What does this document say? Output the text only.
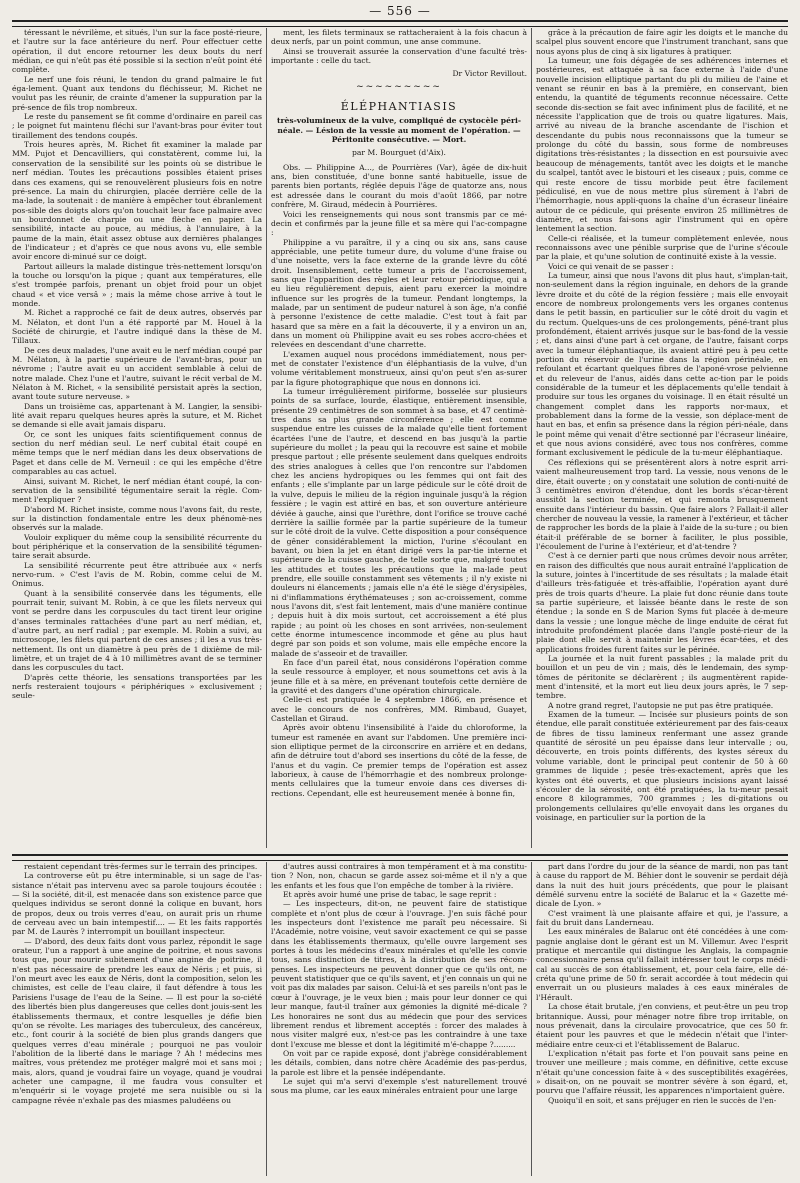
— 556 —

téressant le névrilème, et situés, l'un sur la face posté-rieure, et l'autre sur la face antérieure du nerf. Pour effectuer cette opération, il dut encore retourner les deux bouts du nerf médian, ce qui n'eût pas été possible si la section n'eût point été complète.

Le nerf une fois réuni, le tendon du grand palmaire le fut éga-lement. Quant aux tendons du fléchisseur, M. Richet ne voulut pas les réunir, de crainte d'amener la suppuration par la pré-sence de fils trop nombreux.

Le reste du pansement se fit comme d'ordinaire en pareil cas ; le poignet fut maintenu fléchi sur l'avant-bras pour éviter tout tiraillement des tendons coupés.

Trois heures après, M. Richet fit examiner la malade par MM. Pujot et Dencavilliers, qui constatèrent, comme lui, la conservation de la sensibilité sur les points où se distribue le nerf médian. Toutes les précautions possibles étaient prises dans ces examens, qui se renouvelèrent plusieurs fois en notre pré-sence. La main du chirurgien, placée derrière celle de la ma-lade, la soutenait : de manière à empêcher tout ébranlement pos-sible des doigts alors qu'on touchait leur face palmaire avec un bourdonnet de charpie ou une flèche en papier. La sensibilité, intacte au pouce, au médius, à l'annulaire, à la paume de la main, était assez obtuse aux dernières phalanges de l'indicateur ; et d'après ce que nous avons vu, elle semble avoir encore di-minué sur ce doigt.

Partout ailleurs la malade distingue très-nettement lorsqu'on la touche ou lorsqu'on la pique ; quant aux températures, elle s'est trompée parfois, prenant un objet froid pour un objet chaud « et vice versâ » ; mais la même chose arrive à tout le monde.

M. Richet a rapproché ce fait de deux autres, observés par M. Nélaton, et dont l'un a été rapporté par M. Houel à la Société de chirurgie, et l'autre indiqué dans la thèse de M. Tillaux.

De ces deux malades, l'une avait eu le nerf médian coupé par M. Nélaton, à la partie supérieure de l'avant-bras, pour un névrome ; l'autre avait eu un accident semblable à celui de notre malade. Chez l'une et l'autre, suivant le récit verbal de M. Nélaton à M. Richet, « la sensibilité persistait après la section, avant toute suture nerveuse. »

Dans un troisième cas, appartenant à M. Langier, la sensibi-lité avait reparu quelques heures après la suture, et M. Richet se demande si elle avait jamais disparu.

Or, ce sont les uniques faits scientifiquement connus de section du nerf médian seul. Le nerf cubital était coupé en même temps que le nerf médian dans les deux observations de Paget et dans celle de M. Verneuil : ce qui les empêche d'être comparables au cas actuel.

Ainsi, suivant M. Richet, le nerf médian étant coupé, la con-servation de la sensibilité tégumentaire serait la règle. Com-ment l'expliquer ?

D'abord M. Richet insiste, comme nous l'avons fait, du reste, sur la distinction fondamentale entre les deux phénomè-nes observés sur la malade.

Vouloir expliquer du même coup la sensibilité récurrente du bout périphérique et la conservation de la sensibilité tégumen-taire serait absurde.

La sensibilité récurrente peut être attribuée aux « nerfs nervo-rum. » C'est l'avis de M. Robin, comme celui de M. Onimus.

Quant à la sensibilité conservée dans les téguments, elle pourrait tenir, suivant M. Robin, à ce que les filets nerveux qui vont se perdre dans les corpuscules du tact tirent leur origine d'anses terminales rattachées d'une part au nerf médian, et, d'autre part, au nerf radial ; par exemple. M. Robin a suivi, au microscope, les filets qui partent de ces anses ; il les a vus très-nettement. Ils ont un diamètre à peu près de 1 dixième de mil-limètre, et un trajet de 4 à 10 millimètres avant de se terminer dans les corpuscules du tact.

D'après cette théorie, les sensations transportées par les nerfs resteraient toujours « périphériques » exclusivement ; seule-

ment, les filets terminaux se rattacheraient à la fois chacun à deux nerfs, par un point commun, une anse commune.

Ainsi se trouverait assurée la conservation d'une faculté très-importante : celle du tact.

Dr Victor Revillout.
~~~~~~~~~
ÉLÉPHANTIASIS
très-volumineux de la vulve, compliqué de cystocèle péri-néale. — Lésion de la vessie au moment de l'opération. — Péritonite consécutive. — Mort.
par M. Bourguet (d'Aix).

Obs. — Philippine A..., de Pourrières (Var), âgée de dix-huit ans, bien constituée, d'une bonne santé habituelle, issue de parents bien portants, réglée depuis l'âge de quatorze ans, nous est adressée dans le courant du mois d'août 1866, par notre confrère, M. Giraud, médecin à Pourrières.

Voici les renseignements qui nous sont transmis par ce mé-decin et confirmés par la jeune fille et sa mère qui l'ac-compagne :

Philippine a vu paraître, il y a cinq ou six ans, sans cause appréciable, une petite tumeur dure, du volume d'une fraise ou d'une noisette, vers la face externe de la grande lèvre du côté droit. Insensiblement, cette tumeur a pris de l'accroissement, sans que l'apparition des règles et leur retour périodique, qui a eu lieu régulièrement depuis, aient paru exercer la moindre influence sur les progrès de la tumeur. Pendant longtemps, la malade, par un sentiment de pudeur naturel à son âge, n'a confié à personne l'existence de cette maladie. C'est tout à fait par hasard que sa mère en a fait la découverte, il y a environ un an, dans un moment où Philippine avait eu ses robes accro-chées et relevées en descendant d'une charrette.

L'examen auquel nous procédons immédiatement, nous per-met de constater l'existence d'un éléphantiasis de la vulve, d'un volume véritablement monstrueux, ainsi qu'on peut s'en as-surer par la figure photographique que nous en donnons ici.

La tumeur irrégulièrement piriforme, bosselée sur plusieurs points de sa surface, lourde, élastique, entièrement insensible, présente 29 centimètres de son sommet à sa base, et 47 centimè-tres dans sa plus grande circonférence ; elle est comme suspendue entre les cuisses de la malade qu'elle tient fortement écartées l'une de l'autre, et descend en bas jusqu'à la partie supérieure du mollet ; la peau qui la recouvre est saine et mobile presque partout ; elle présente seulement dans quelques endroits des stries analogues à celles que l'on rencontre sur l'abdomen chez les anciens hydropiques ou les femmes qui ont fait des enfants ; elle s'implante par un large pédicule sur le côté droit de la vulve, depuis le milieu de la région inguinale jusqu'à la région fessière ; le vagin est attiré en bas, et son ouverture antérieure déviée à gauche, ainsi que l'urèthre, dont l'orifice se trouve caché derrière la saillie formée par la partie supérieure de la tumeur sur le côté droit de la vulve. Cette disposition a pour conséquence de gêner considérablement la miction, l'urine s'écoulant en bavant, ou bien la jet en étant dirigé vers la par-tie interne et supérieure de la cuisse gauche, de telle sorte que, malgré toutes les attitudes et toutes les précautions que la ma-lade peut prendre, elle souille constamment ses vêtements ; il n'y existe ni douleurs ni élancements ; jamais elle n'a été le siège d'érysipèles, ni d'inflammations érythémateuses ; son ac-croissement, comme nous l'avons dit, s'est fait lentement, mais d'une manière continue ; depuis huit à dix mois surtout, cet accroissement a été plus rapide ; au point où les choses en sont arrivées, non-seulement cette énorme intumescence incommode et gêne au plus haut degré par son poids et son volume, mais elle empêche encore la malade de s'asseoir et de travailler.

En face d'un pareil état, nous considérons l'opération comme la seule ressource à employer, et nous soumettons cet avis à la jeune fille et à sa mère, en prévenant toutefois cette dernière de la gravité et des dangers d'une opération chirurgicale.

Celle-ci est pratiquée le 4 septembre 1866, en présence et avec le concours de nos confrères, MM. Rimbaud, Guayet, Castellan et Giraud.

Après avoir obtenu l'insensibilité à l'aide du chloroforme, la tumeur est ramenée en avant sur l'abdomen. Une première inci-sion elliptique permet de la circonscrire en arrière et en dedans, afin de détruire tout d'abord ses insertions du côté de la fesse, de l'anus et du vagin. Ce premier temps de l'opération est assez laborieux, à cause de l'hémorrhagie et des nombreux prolonge-ments cellulaires que la tumeur envoie dans ces diverses di-rections. Cependant, elle est heureusement menée à bonne fin,

grâce à la précaution de faire agir les doigts et le manche du scalpel plus souvent encore que l'instrument tranchant, sans que nous ayons plus de cinq à six ligatures à pratiquer.

La tumeur, une fois dégagée de ses adhérences internes et postérieures, est attaquée à sa face externe à l'aide d'une nouvelle incision elliptique partant du pli du milieu de l'aine et venant se réunir en bas à la première, en conservant, bien entendu, la quantité de téguments reconnue nécessaire. Cette seconde dis-section se fait avec infiniment plus de facilité, et ne nécessite l'application que de trois ou quatre ligatures. Mais, arrivé au niveau de la branche ascendante de l'ischion et descendante du pubis nous reconnaissons que la tumeur se prolonge du côté du bassin, sous forme de nombreuses digitations très-résistantes ; la dissection en est poursuivie avec beaucoup de ménagements, tantôt avec les doigts et le manche du scalpel, tantôt avec le bistouri et les ciseaux ; puis, comme ce qui reste encore de tissu morbide peut être facilement pédiculisé, en vue de nous mettre plus sûrement à l'abri de l'hémorrhagie, nous appli-quons la chaîne d'un écraseur linéaire autour de ce pédicule, qui présente environ 25 millimètres de diamètre, et nous fai-sons agir l'instrument qui en opère lentement la section.

Celle-ci réalisée, et la tumeur complètement enlevée, nous reconnaissons avec une pénible surprise que de l'urine s'écoule par la plaie, et qu'une solution de continuité existe à la vessie.

Voici ce qui venait de se passer :

La tumeur, ainsi que nous l'avons dit plus haut, s'implan-tait, non-seulement dans la région inguinale, en dehors de la grande lèvre droite et du côté de la région fessière ; mais elle envoyait encore de nombreux prolongements vers les organes contenus dans le petit bassin, en particulier sur le côté droit du vagin et du rectum. Quelques-uns de ces prolongements, péné-trant plus profondément, étaient arrivés jusque sur le bas-fond de la vessie ; et, dans ainsi d'une part à cet organe, de l'autre, faisant corps avec la tumeur éléphantiaque, ils avaient attiré peu à peu cette portion du réservoir de l'urine dans la région périnéale, en refoulant et écartant quelques fibres de l'aponé-vrose pelvienne et du releveur de l'anus, aidés dans cette ac-tion par le poids considérable de la tumeur et les déplacements qu'elle tendait à produire sur tous les organes du voisinage. Il en était résulté un changement complet dans les rapports nor-maux, et probablement dans la forme de la vessie, son déplace-ment de haut en bas, et enfin sa présence dans la région péri-néale, dans le point même qui venait d'être sectionné par l'écraseur linéaire, et que nous avions considéré, avec tous nos confrères, comme formant exclusivement le pédicule de la tu-meur éléphantiaque.

Ces réflexions qui se présentèrent alors à notre esprit arri-vaient malheureusement trop tard. La vessie, nous venons de le dire, était ouverte ; on y constatait une solution de conti-nuité de 3 centimètres environ d'étendue, dont les bords s'écar-tèrent aussitôt la section terminée, et qui remonta brusquement ensuite dans l'intérieur du bassin. Que faire alors ? Fallait-il aller chercher de nouveau la vessie, la ramener à l'extérieur, et tâcher de rapprocher les bords de la plaie à l'aide de la su-ture ; ou bien était-il préférable de se borner à faciliter, le plus possible, l'écoulement de l'urine à l'extérieur, et d'at-tendre ?

C'est à ce dernier parti que nous crûmes devoir nous arrêter, en raison des difficultés que nous aurait entraîné l'application de la suture, jointes à l'incertitude de ses résultats ; la malade était d'ailleurs très-fatiguée et très-affaiblie, l'opération ayant duré près de trois quarts d'heure. La plaie fut donc réunie dans toute sa partie supérieure, et laissée béante dans le reste de son étendue ; la sonde en S de Marion Syms fut placée à de-meure dans la vessie ; une longue mèche de linge enduite de cérat fut introduite profondément placée dans l'angle posté-rieur de la plaie dont elle servit à maintenir les lèvres écar-tées, et des applications froides furent faites sur le périnée.

La journée et la nuit furent passables ; la malade prit du bouillon et un peu de vin ; mais, dès le lendemain, des symp-tômes de péritonite se déclarèrent ; ils augmentèrent rapide-ment d'intensité, et la mort eut lieu deux jours après, le 7 sep-tembre.

A notre grand regret, l'autopsie ne put pas être pratiquée.

Examen de la tumeur. — Incisée sur plusieurs points de son étendue, elle paraît constituée extérieurement par des fais-ceaux de fibres de tissu lamineux renfermant une assez grande quantité de sérosité un peu épaisse dans leur intervalle ; ou, découverte, en trois points différents, des kystes séreux du volume variable, dont le principal peut contenir de 50 à 60 grammes de liquide ; pesée très-exactement, après que les kystes ont été ouverts, et que plusieurs incisions ayant laissé s'écouler de la sérosité, ont été pratiquées, la tu-meur pesait encore 8 kilogrammes, 700 grammes ; les di-gitations ou prolongements cellulaires qu'elle envoyait dans les organes du voisinage, en particulier sur la portion de la

restaient cependant très-fermes sur le terrain des principes.

La controverse eût pu être interminable, si un sage de l'as-sistance n'était pas intervenu avec sa parole toujours écoutée : — Si la société, dit-il, est menacée dans son existence parce que quelques individus se seront donné la colique en buvant, hors de propos, deux ou trois verres d'eau, on aurait pris un rhume de cerveau avec un bain intempestif.... — Et les faits rapportés par M. de Laurès ? interrompit un bouillant inspecteur.

— D'abord, des deux faits dont vous parlez, répondit le sage orateur, l'un a rapport à une angine de poitrine, et nous savons tous que, pour mourir subitement d'une angine de poitrine, il n'est pas nécessaire de prendre les eaux de Néris ; et puis, si l'on meurt avec les eaux de Néris, dont la composition, selon les chimistes, est celle de l'eau claire, il faut défendre à tous les Parisiens l'usage de l'eau de la Seine. — Il est pour la so-ciété des libertés bien plus dangereuses que celles dont jouis-sent les établissements thermaux, et contre lesquelles je défie bien qu'on se révolte. Les mariages des tuberculeux, des cancéreux, etc., font courir à la société de bien plus grands dangers que quelques verres d'eau minérale ; pourquoi ne pas vouloir l'abolition de la liberté dans le mariage ? Ah ! médecins mes maîtres, vous prétendez me protéger malgré moi et sans moi ; mais, alors, quand je voudrai faire un voyage, quand je voudrai acheter une campagne, il me faudra vous consulter et m'enquérir si le voyage projeté me sera nuisible ou si la campagne rêvée n'exhale pas des miasmes paludéens ou

d'autres aussi contraires à mon tempérament et à ma constitu-tion ? Non, non, chacun se garde assez soi-même et il n'y a que les enfants et les fous que l'on empêche de tomber à la rivière.

Et après avoir humé une prise de tabac, le sage reprit :

— Les inspecteurs, dit-on, ne peuvent faire de statistique complète et n'ont plus de cœur à l'ouvrage. J'en suis fâché pour les inspecteurs dont l'existence me paraît peu nécessaire. Si l'Académie, notre voisine, veut savoir exactement ce qui se passe dans les établissements thermaux, qu'elle ouvre largement ses portes à tous les médecins d'eaux minérales et qu'elle les convie tous, sans distinction de titres, à la distribution de ses récom-penses. Les inspecteurs ne peuvent donner que ce qu'ils ont, ne peuvent statistiquer que ce qu'ils savent, et j'en connais un qui ne voit pas dix malades par saison. Celui-là et ses pareils n'ont pas le cœur à l'ouvrage, je le veux bien ; mais pour leur donner ce qui leur manque, faut-il traîner aux gémonies la dignité mé-dicale ? Les honoraires ne sont dus au médecin que pour des services librement rendus et librement acceptés : forcer des malades à nous visiter malgré eux, n'est-ce pas les contraindre à une taxe dont l'excuse me blesse et dont la légitimité m'é-chappe ?.........

On voit par ce rapide exposé, dont j'abrège considérablement les détails, combien, dans notre chère Académie des pas-perdus, la parole est libre et la pensée indépendante.

Le sujet qui m'a servi d'exemple s'est naturellement trouvé sous ma plume, car les eaux minérales entraient pour une large

part dans l'ordre du jour de la séance de mardi, non pas tant à cause du rapport de M. Béhier dont le souvenir se perdait déjà dans la nuit des huit jours précédents, que pour le plaisant démêlé survenu entre la société de Balaruc et la « Gazette mé-dicale de Lyon. »

C'est vraiment là une plaisante affaire et qui, je l'assure, a fait du bruit dans Landerneau.

Les eaux minérales de Balaruc ont été concédées à une com-pagnie anglaise dont le gérant est un M. Villemur. Avec l'esprit pratique et mercantile qui distingue les Anglais, la compagnie concessionnaire pensa qu'il fallait intéresser tout le corps médi-cal au succès de son établissement, et, pour cela faire, elle dé-créta qu'une prime de 50 fr. serait accordée à tout médecin qui enverrait un ou plusieurs malades à ces eaux minérales de l'Hérault.

La chose était brutale, j'en conviens, et peut-être un peu trop britannique. Aussi, pour ménager notre fibre trop irritable, on nous prévenait, dans la circulaire provocatrice, que ces 50 fr. étaient pour les pauvres et que le médecin n'était que l'inter-médiaire entre ceux-ci et l'établissement de Balaruc.

L'explication n'était pas forte et l'on pouvait sans peine en trouver une meilleure ; mais comme, en définitive, cette excuse n'était qu'une concession faite à « des susceptibilités exagérées, » disait-on, on ne pouvait se montrer sévère à son égard, et, pourvu que l'affaire réussit, les apparences n'importaient guère.

Quoiqu'il en soit, et sans préjuger en rien le succès de l'en-
